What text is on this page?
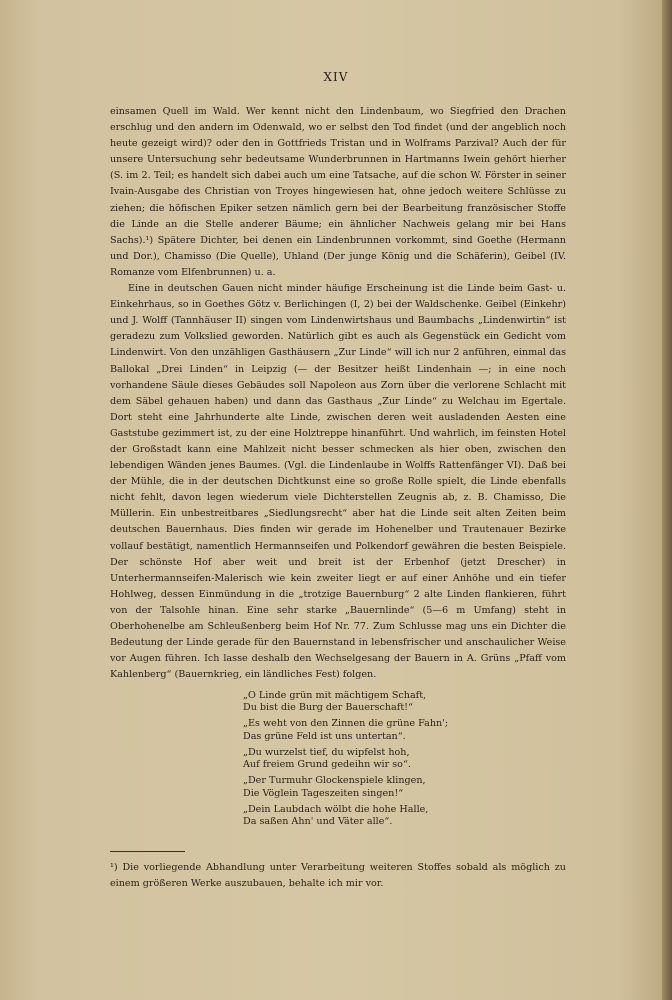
XIV

einsamen Quell im Wald. Wer kennt nicht den Lindenbaum, wo Siegfried den Drachen erschlug und den andern im Odenwald, wo er selbst den Tod findet (und der angeblich noch heute gezeigt wird)? oder den in Gottfrieds Tristan und in Wolframs Parzival? Auch der für unsere Untersuchung sehr bedeutsame Wunderbrunnen in Hartmanns Iwein gehört hierher (S. im 2. Teil; es handelt sich dabei auch um eine Tatsache, auf die schon W. Förster in seiner Ivain-Ausgabe des Christian von Troyes hingewiesen hat, ohne jedoch weitere Schlüsse zu ziehen; die höfischen Epiker setzen nämlich gern bei der Bearbeitung französischer Stoffe die Linde an die Stelle anderer Bäume; ein ähnlicher Nachweis gelang mir bei Hans Sachs).¹) Spätere Dichter, bei denen ein Lindenbrunnen vorkommt, sind Goethe (Hermann und Dor.), Chamisso (Die Quelle), Uhland (Der junge König und die Schäferin), Geibel (IV. Romanze vom Elfenbrunnen) u. a.

Eine in deutschen Gauen nicht minder häufige Erscheinung ist die Linde beim Gast- u. Einkehrhaus, so in Goethes Götz v. Berlichingen (I, 2) bei der Waldschenke. Geibel (Einkehr) und J. Wolff (Tannhäuser II) singen vom Lindenwirtshaus und Baumbachs „Lindenwirtin“ ist geradezu zum Volkslied geworden. Natürlich gibt es auch als Gegenstück ein Gedicht vom Lindenwirt. Von den unzähligen Gasthäusern „Zur Linde“ will ich nur 2 anführen, einmal das Ballokal „Drei Linden“ in Leipzig (— der Besitzer heißt Lindenhain —; in eine noch vorhandene Säule dieses Gebäudes soll Napoleon aus Zorn über die verlorene Schlacht mit dem Säbel gehauen haben) und dann das Gasthaus „Zur Linde“ zu Welchau im Egertale. Dort steht eine Jahrhunderte alte Linde, zwischen deren weit ausladenden Aesten eine Gaststube gezimmert ist, zu der eine Holztreppe hinanführt. Und wahrlich, im feinsten Hotel der Großstadt kann eine Mahlzeit nicht besser schmecken als hier oben, zwischen den lebendigen Wänden jenes Baumes. (Vgl. die Lindenlaube in Wolffs Rattenfänger VI). Daß bei der Mühle, die in der deutschen Dichtkunst eine so große Rolle spielt, die Linde ebenfalls nicht fehlt, davon legen wiederum viele Dichterstellen Zeugnis ab, z. B. Chamisso, Die Müllerin. Ein unbestreitbares „Siedlungsrecht“ aber hat die Linde seit alten Zeiten beim deutschen Bauernhaus. Dies finden wir gerade im Hohenelber und Trautenauer Bezirke vollauf bestätigt, namentlich Hermannseifen und Polkendorf gewähren die besten Beispiele. Der schönste Hof aber weit und breit ist der Erbenhof (jetzt Drescher) in Unterhermannseifen-Malerisch wie kein zweiter liegt er auf einer Anhöhe und ein tiefer Hohlweg, dessen Einmündung in die „trotzige Bauernburg“ 2 alte Linden flankieren, führt von der Talsohle hinan. Eine sehr starke „Bauernlinde“ (5—6 m Umfang) steht in Oberhohenelbe am Schleußenberg beim Hof Nr. 77. Zum Schlusse mag uns ein Dichter die Bedeutung der Linde gerade für den Bauernstand in lebensfrischer und anschaulicher Weise vor Augen führen. Ich lasse deshalb den Wechselgesang der Bauern in A. Grüns „Pfaff vom Kahlenberg“ (Bauernkrieg, ein ländliches Fest) folgen.

„O Linde grün mit mächtigem Schaft,
Du bist die Burg der Bauerschaft!“
„Es weht von den Zinnen die grüne Fahn';
Das grüne Feld ist uns untertan“.
„Du wurzelst tief, du wipfelst hoh,
Auf freiem Grund gedeihn wir so“.
„Der Turmuhr Glockenspiele klingen,
Die Vöglein Tageszeiten singen!“
„Dein Laubdach wölbt die hohe Halle,
Da saßen Ahn' und Väter alle“.
¹) Die vorliegende Abhandlung unter Verarbeitung weiteren Stoffes sobald als möglich zu einem größeren Werke auszubauen, behalte ich mir vor.
